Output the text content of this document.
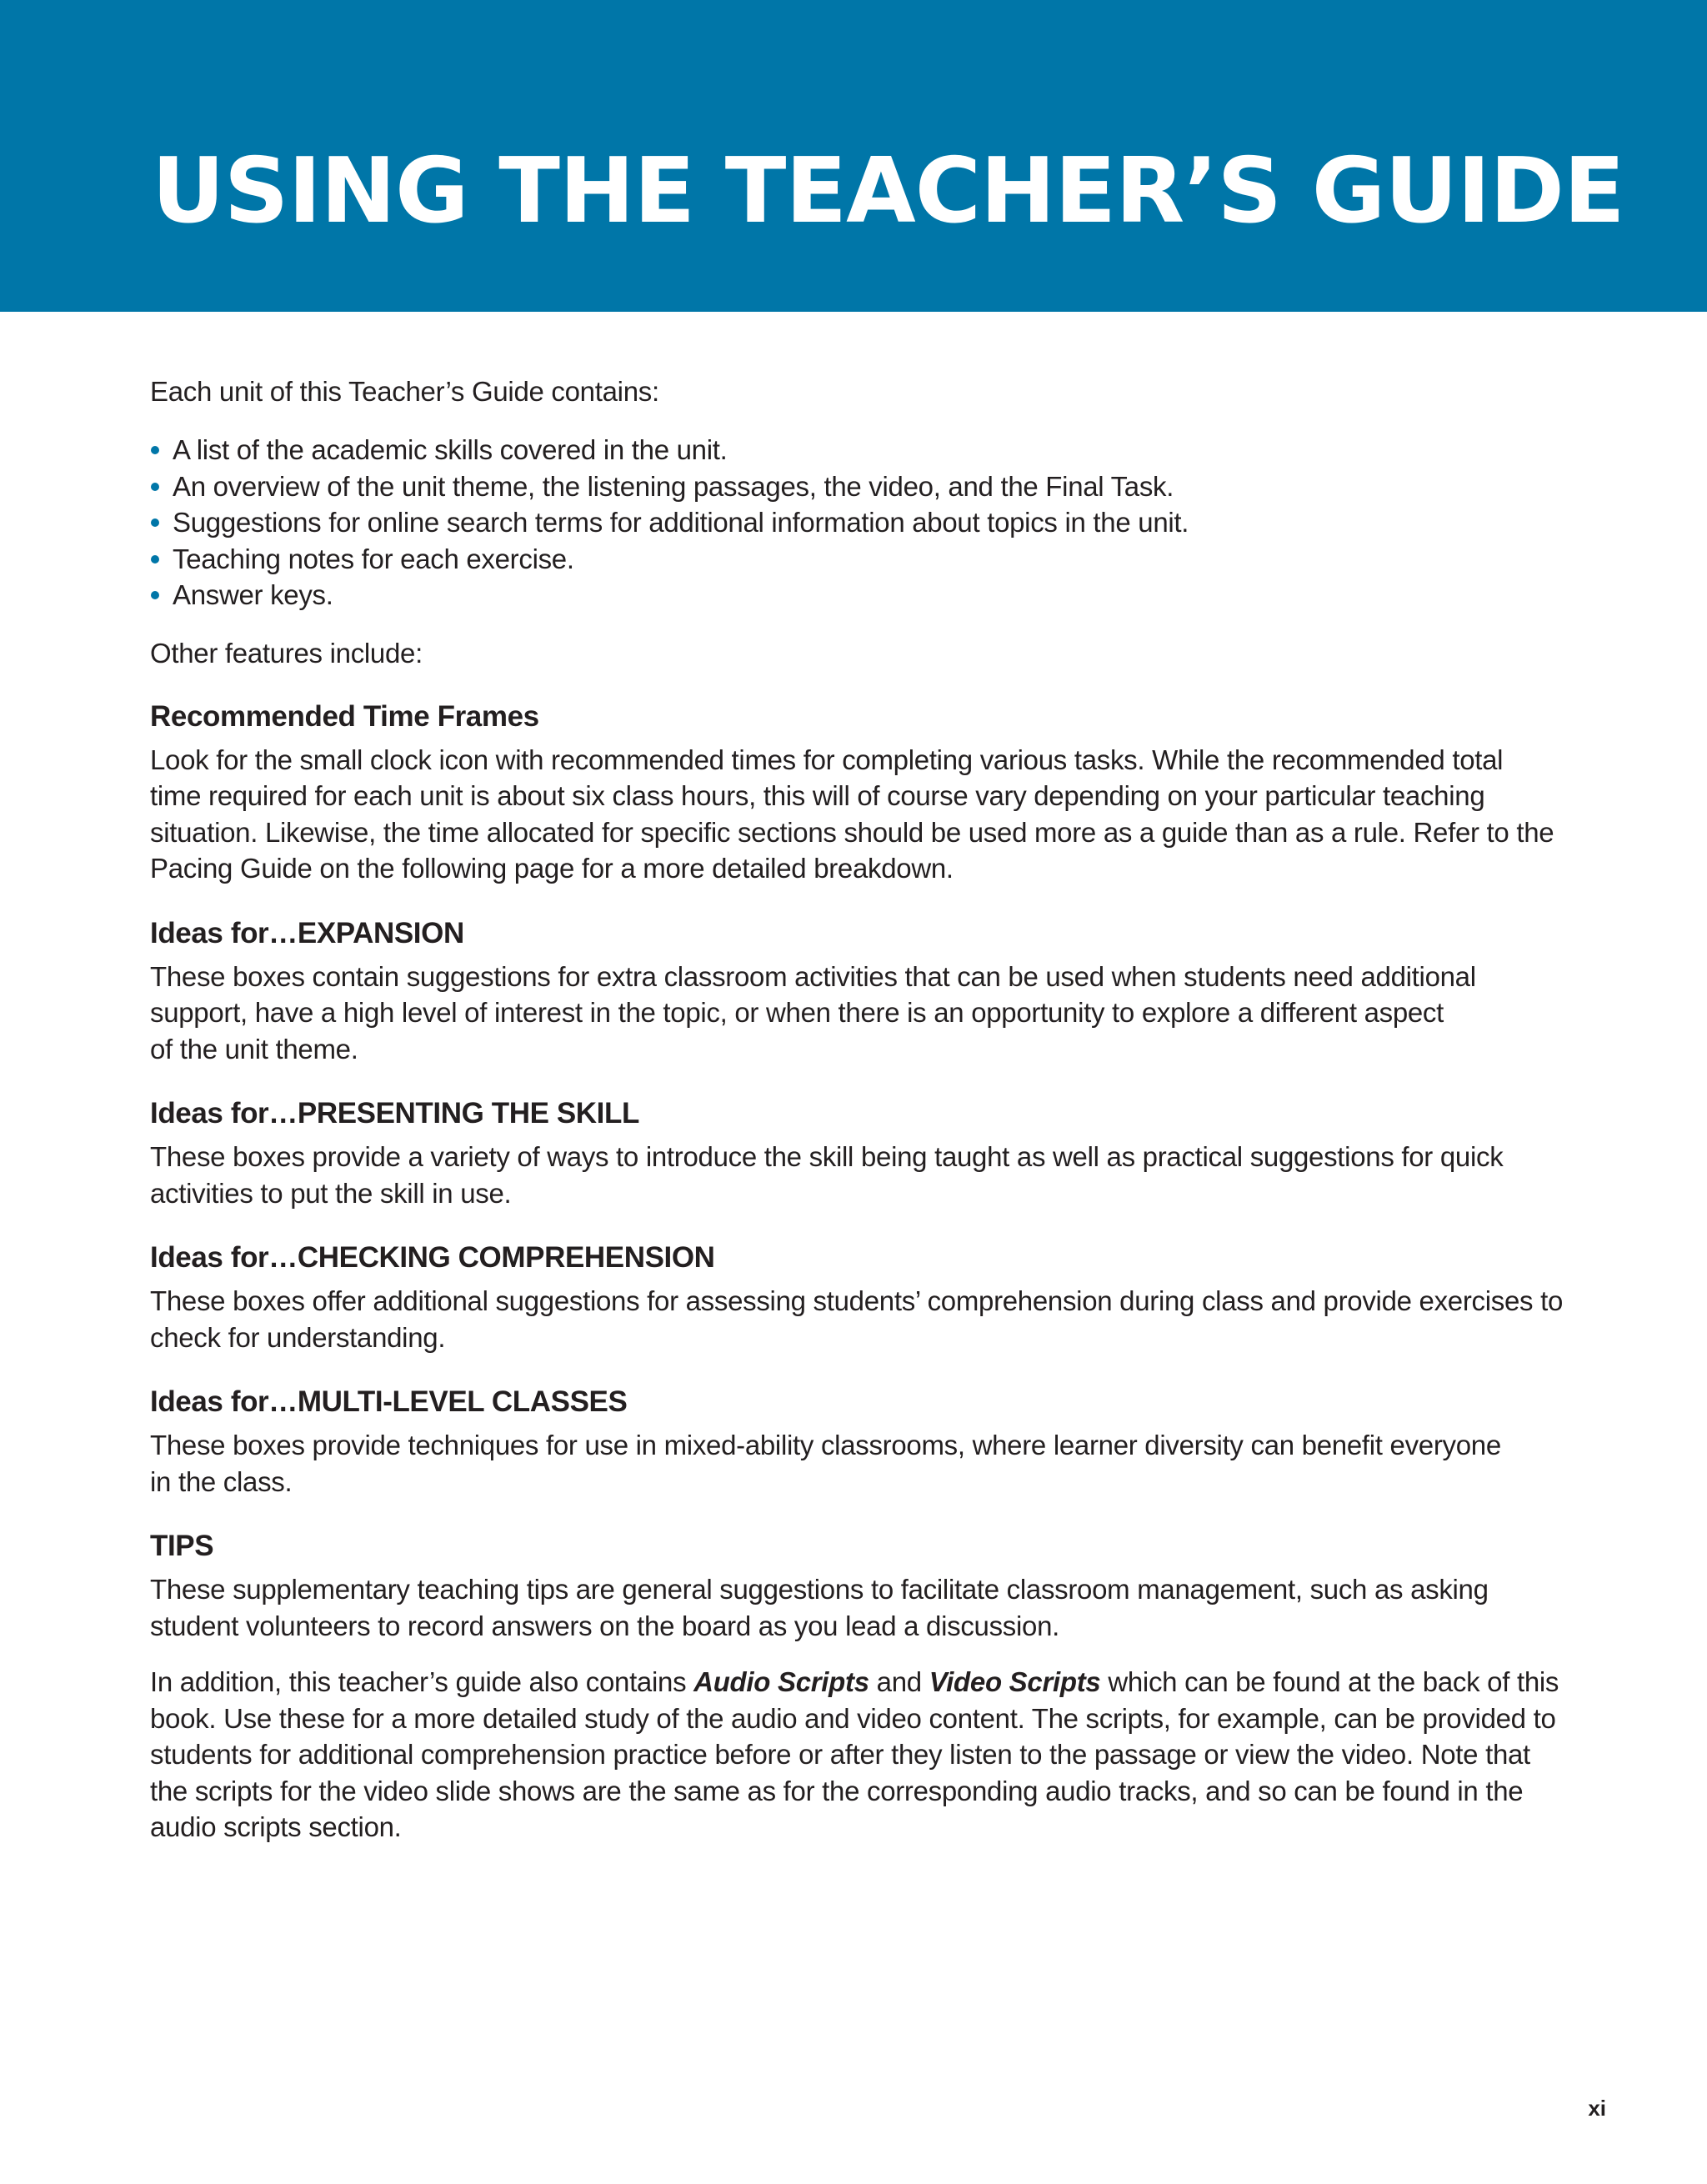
USING THE TEACHER’S GUIDE

Each unit of this Teacher’s Guide contains:

A list of the academic skills covered in the unit.
An overview of the unit theme, the listening passages, the video, and the Final Task.
Suggestions for online search terms for additional information about topics in the unit.
Teaching notes for each exercise.
Answer keys.

Other features include:

Recommended Time Frames

Look for the small clock icon with recommended times for completing various tasks. While the recommended total
time required for each unit is about six class hours, this will of course vary depending on your particular teaching
situation. Likewise, the time allocated for specific sections should be used more as a guide than as a rule. Refer to the
Pacing Guide on the following page for a more detailed breakdown.

Ideas for…EXPANSION

These boxes contain suggestions for extra classroom activities that can be used when students need additional
support, have a high level of interest in the topic, or when there is an opportunity to explore a different aspect
of the unit theme.

Ideas for…PRESENTING THE SKILL

These boxes provide a variety of ways to introduce the skill being taught as well as practical suggestions for quick
activities to put the skill in use.

Ideas for…CHECKING COMPREHENSION

These boxes offer additional suggestions for assessing students’ comprehension during class and provide exercises to
check for understanding.

Ideas for…MULTI-LEVEL CLASSES

These boxes provide techniques for use in mixed-ability classrooms, where learner diversity can benefit everyone
in the class.

TIPS

These supplementary teaching tips are general suggestions to facilitate classroom management, such as asking
student volunteers to record answers on the board as you lead a discussion.

In addition, this teacher’s guide also contains Audio Scripts and Video Scripts which can be found at the back of this
book. Use these for a more detailed study of the audio and video content. The scripts, for example, can be provided to
students for additional comprehension practice before or after they listen to the passage or view the video. Note that
the scripts for the video slide shows are the same as for the corresponding audio tracks, and so can be found in the
audio scripts section.

xi
